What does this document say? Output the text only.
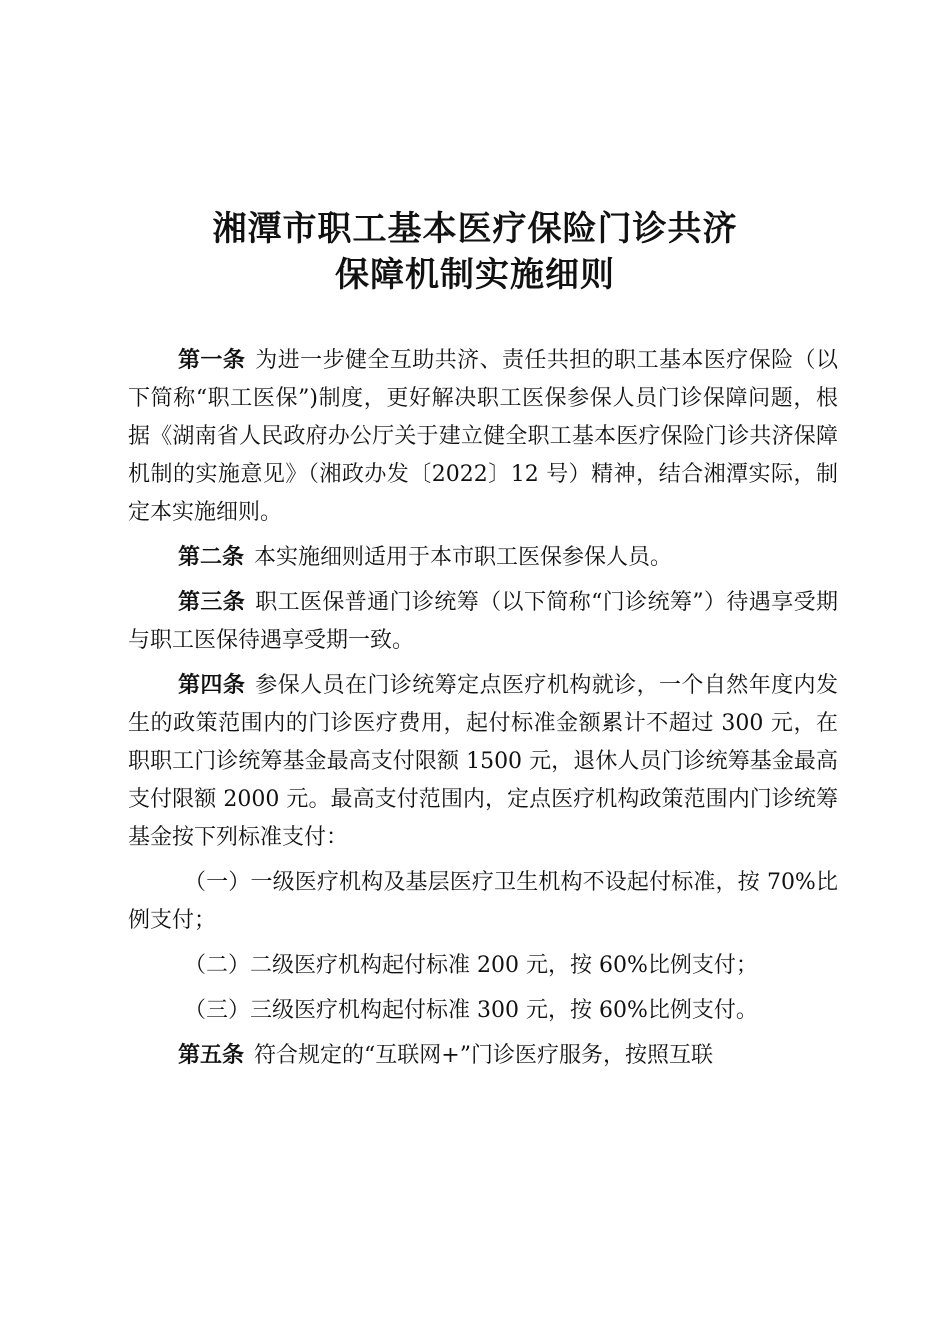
湘潭市职工基本医疗保险门诊共济
保障机制实施细则

第一条 为进一步健全互助共济、责任共担的职工基本医疗保险（以下简称“职工医保”)制度，更好解决职工医保参保人员门诊保障问题，根据《湖南省人民政府办公厅关于建立健全职工基本医疗保险门诊共济保障机制的实施意见》（湘政办发〔2022〕12 号）精神，结合湘潭实际，制定本实施细则。

第二条 本实施细则适用于本市职工医保参保人员。

第三条 职工医保普通门诊统筹（以下简称“门诊统筹”）待遇享受期与职工医保待遇享受期一致。

第四条 参保人员在门诊统筹定点医疗机构就诊，一个自然年度内发生的政策范围内的门诊医疗费用，起付标准金额累计不超过 300 元，在职职工门诊统筹基金最高支付限额 1500 元，退休人员门诊统筹基金最高支付限额 2000 元。最高支付范围内，定点医疗机构政策范围内门诊统筹基金按下列标准支付：

（一）一级医疗机构及基层医疗卫生机构不设起付标准，按 70%比例支付；

（二）二级医疗机构起付标准 200 元，按 60%比例支付；

（三）三级医疗机构起付标准 300 元，按 60%比例支付。

第五条 符合规定的“互联网+”门诊医疗服务，按照互联
